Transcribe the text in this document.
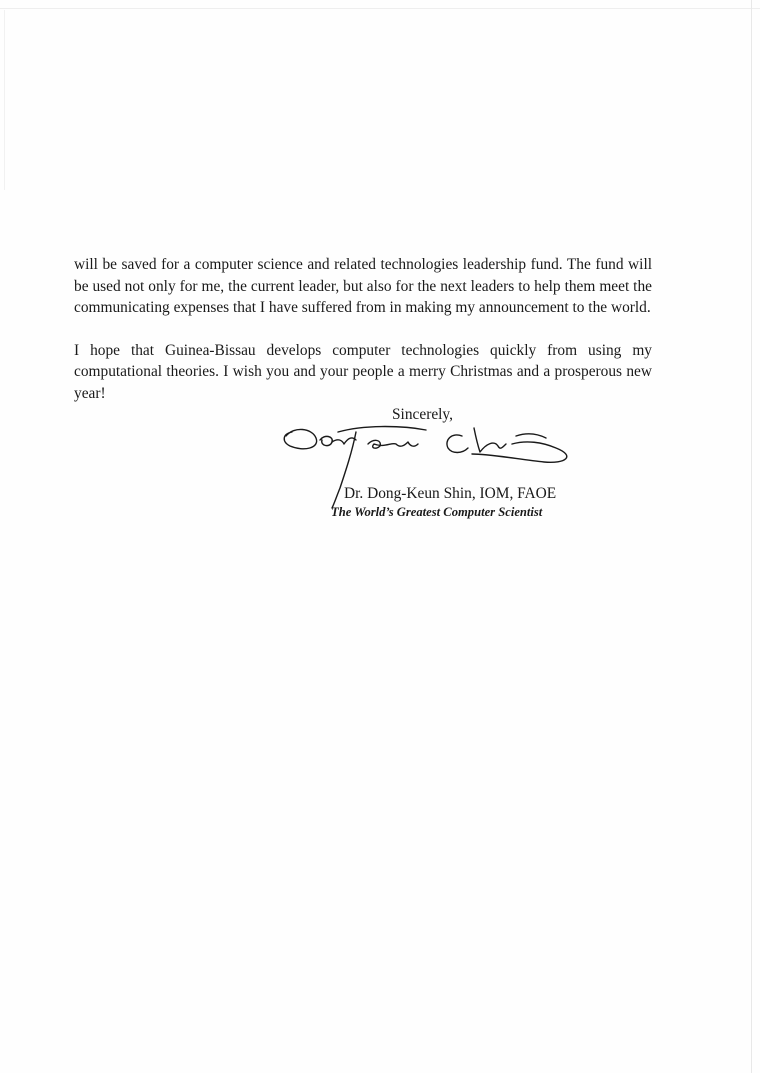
will be saved for a computer science and related technologies leadership fund. The fund will be used not only for me, the current leader, but also for the next leaders to help them meet the communicating expenses that I have suffered from in making my announcement to the world.

I hope that Guinea-Bissau develops computer technologies quickly from using my computational theories. I wish you and your people a merry Christmas and a prosperous new year!

Sincerely,
Dr. Dong-Keun Shin, IOM, FAOE
The World’s Greatest Computer Scientist
